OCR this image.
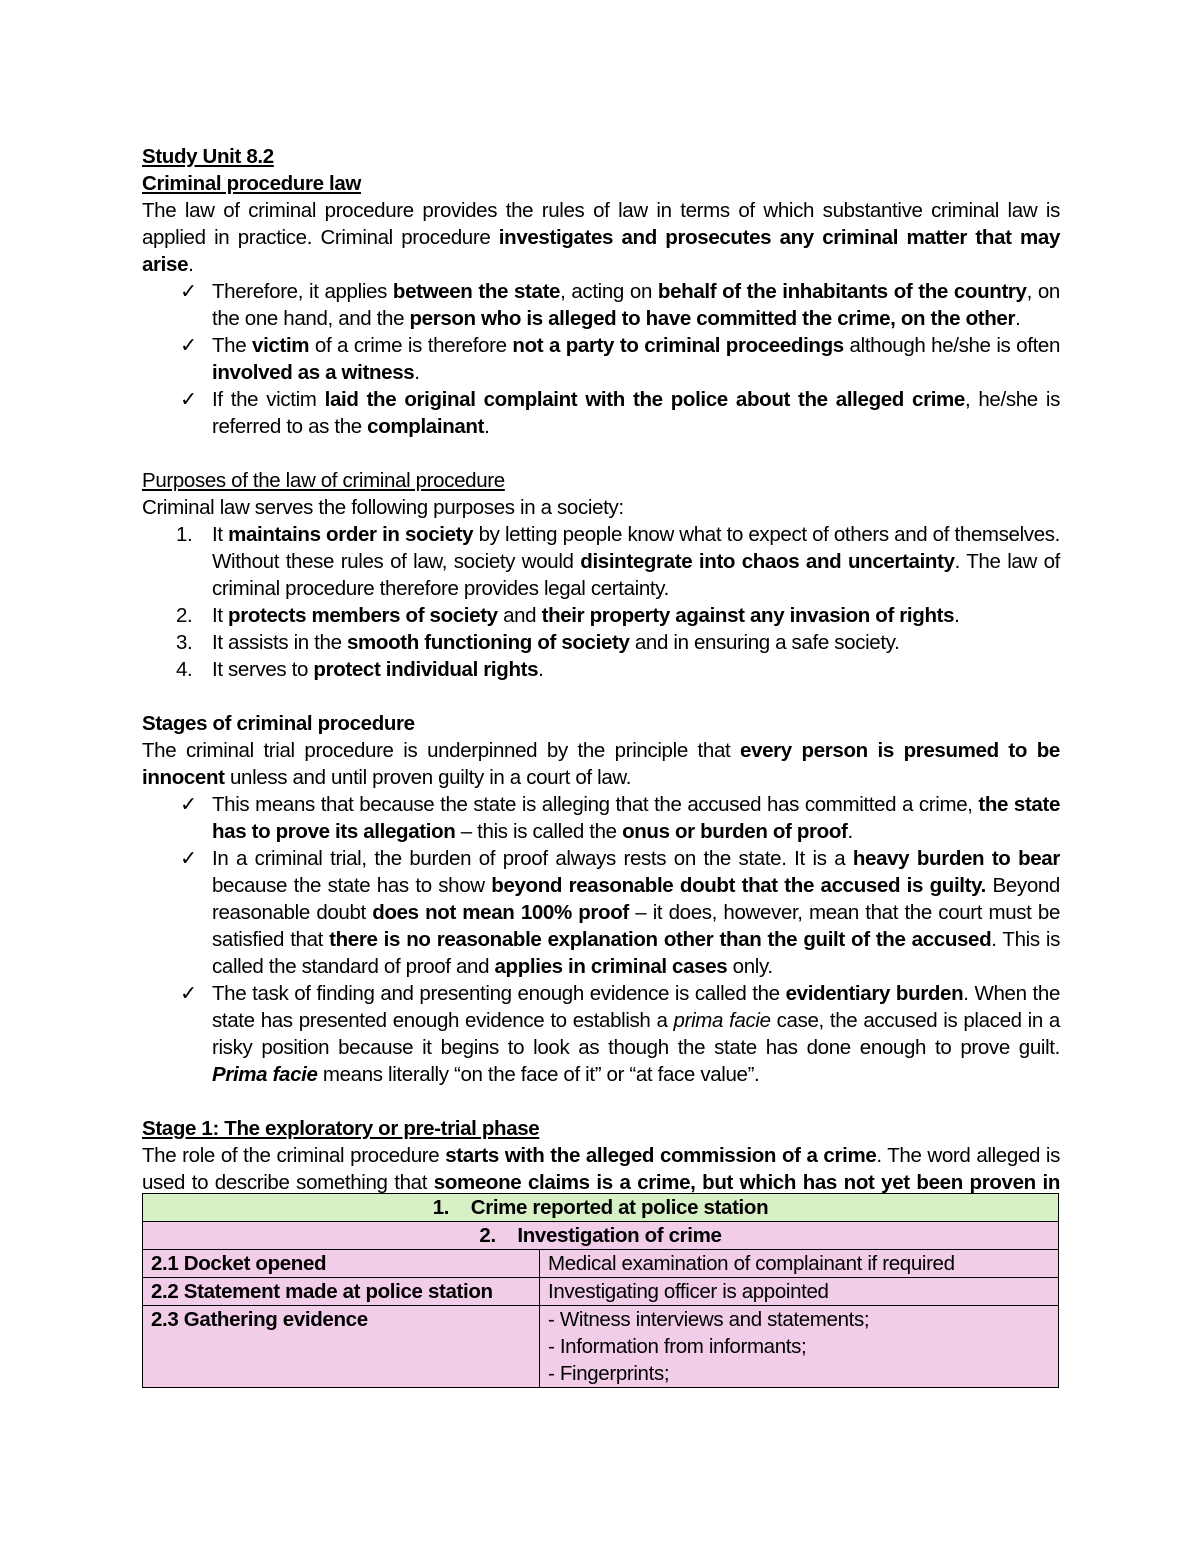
Study Unit 8.2

Criminal procedure law

The law of criminal procedure provides the rules of law in terms of which substantive criminal law is applied in practice. Criminal procedure investigates and prosecutes any criminal matter that may arise.

✓ Therefore, it applies between the state, acting on behalf of the inhabitants of the country, on the one hand, and the person who is alleged to have committed the crime, on the other.
✓ The victim of a crime is therefore not a party to criminal proceedings although he/she is often involved as a witness.
✓ If the victim laid the original complaint with the police about the alleged crime, he/she is referred to as the complainant.

Purposes of the law of criminal procedure

Criminal law serves the following purposes in a society:

1. It maintains order in society by letting people know what to expect of others and of themselves. Without these rules of law, society would disintegrate into chaos and uncertainty. The law of criminal procedure therefore provides legal certainty.
2. It protects members of society and their property against any invasion of rights.
3. It assists in the smooth functioning of society and in ensuring a safe society.
4. It serves to protect individual rights.

Stages of criminal procedure

The criminal trial procedure is underpinned by the principle that every person is presumed to be innocent unless and until proven guilty in a court of law.

✓ This means that because the state is alleging that the accused has committed a crime, the state has to prove its allegation – this is called the onus or burden of proof.
✓ In a criminal trial, the burden of proof always rests on the state. It is a heavy burden to bear because the state has to show beyond reasonable doubt that the accused is guilty. Beyond reasonable doubt does not mean 100% proof – it does, however, mean that the court must be satisfied that there is no reasonable explanation other than the guilt of the accused. This is called the standard of proof and applies in criminal cases only.
✓ The task of finding and presenting enough evidence is called the evidentiary burden. When the state has presented enough evidence to establish a prima facie case, the accused is placed in a risky position because it begins to look as though the state has done enough to prove guilt. Prima facie means literally “on the face of it” or “at face value”.

Stage 1: The exploratory or pre-trial phase

The role of the criminal procedure starts with the alleged commission of a crime. The word alleged is used to describe something that someone claims is a crime, but which has not yet been proven in court.	1. Crime reported at police station	
2. Investigation of crime	
2.1 Docket opened	Medical examination of complainant if required
2.2 Statement made at police station	Investigating officer is appointed
2.3 Gathering evidence	- Witness interviews and statements;
- Information from informants;
- Fingerprints;
